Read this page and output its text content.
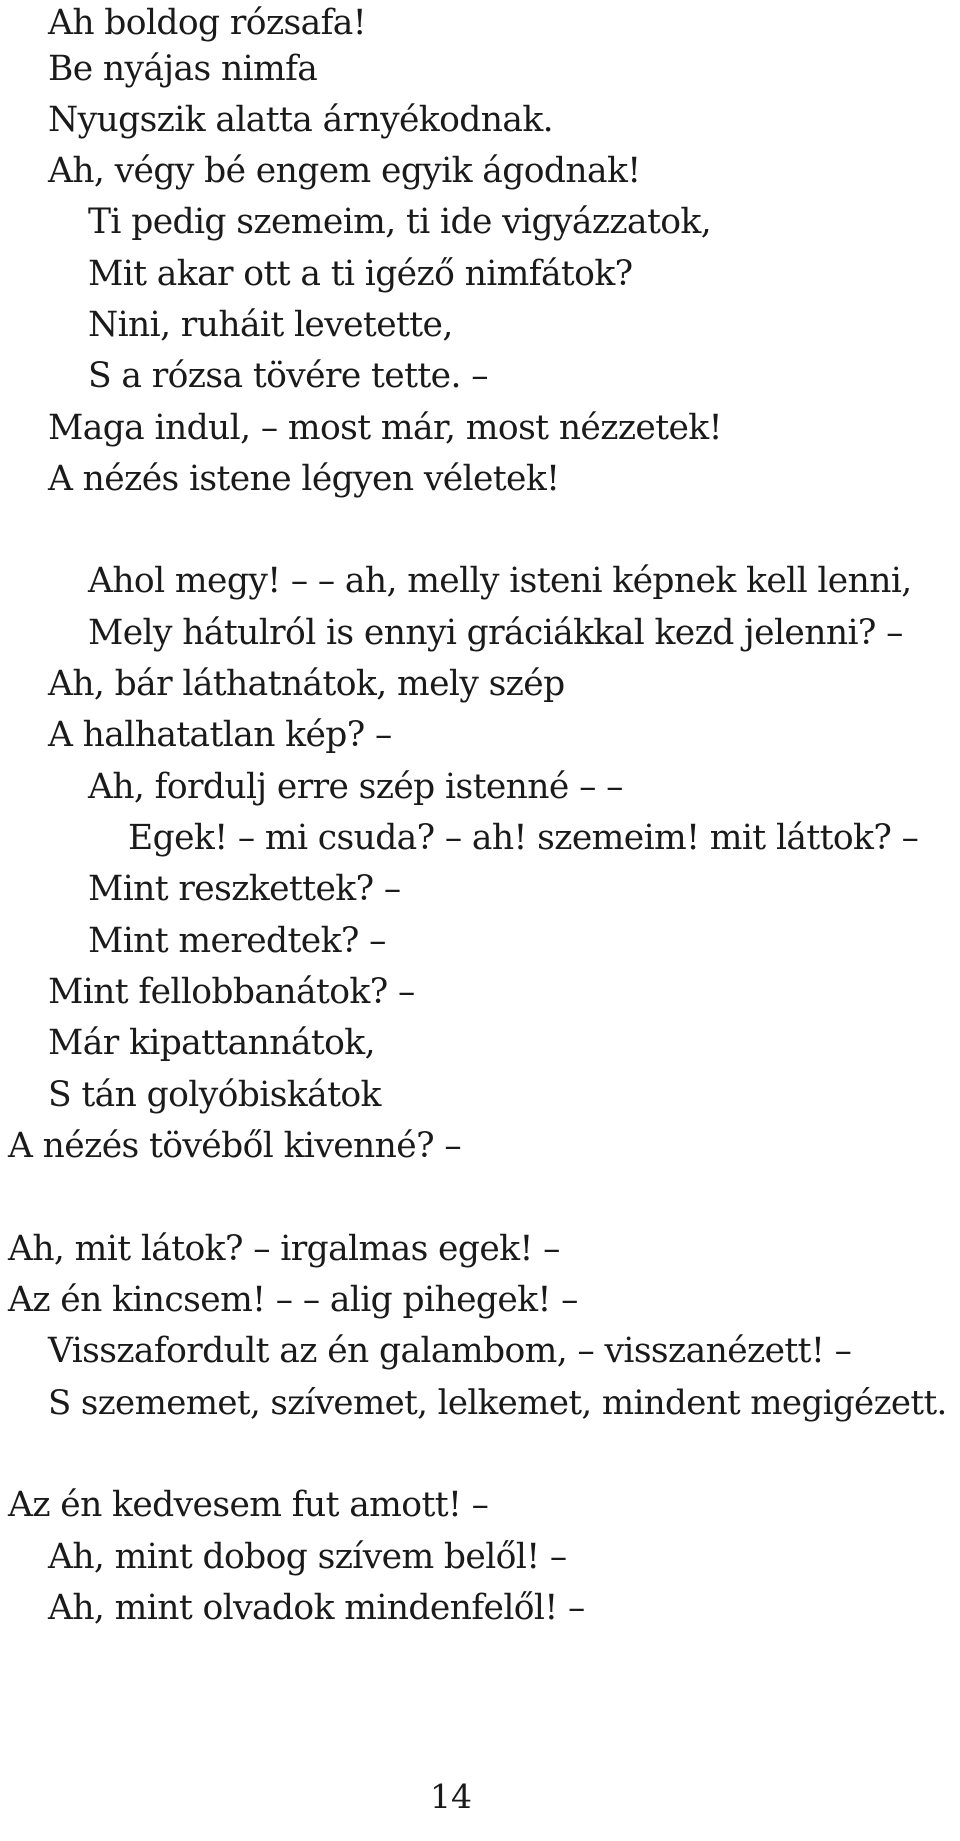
Ah boldog rózsafa!
Be nyájas nimfa
Nyugszik alatta árnyékodnak.
Ah, végy bé engem egyik ágodnak!
Ti pedig szemeim, ti ide vigyázzatok,
Mit akar ott a ti igéző nimfátok?
Nini, ruháit levetette,
S a rózsa tövére tette. –
Maga indul, – most már, most nézzetek!
A nézés istene légyen véletek!
Ahol megy! – – ah, melly isteni képnek kell lenni,
Mely hátulról is ennyi gráciákkal kezd jelenni? –
Ah, bár láthatnátok, mely szép
A halhatatlan kép? –
Ah, fordulj erre szép istenné – –
Egek! – mi csuda? – ah! szemeim! mit láttok? –
Mint reszkettek? –
Mint meredtek? –
Mint fellobbanátok? –
Már kipattannátok,
S tán golyóbiskátok
A nézés tövéből kivenné? –
Ah, mit látok? – irgalmas egek! –
Az én kincsem! – – alig pihegek! –
Visszafordult az én galambom, – visszanézett! –
S szememet, szívemet, lelkemet, mindent megigézett.
Az én kedvesem fut amott! –
Ah, mint dobog szívem belől! –
Ah, mint olvadok mindenfelől! –
14
